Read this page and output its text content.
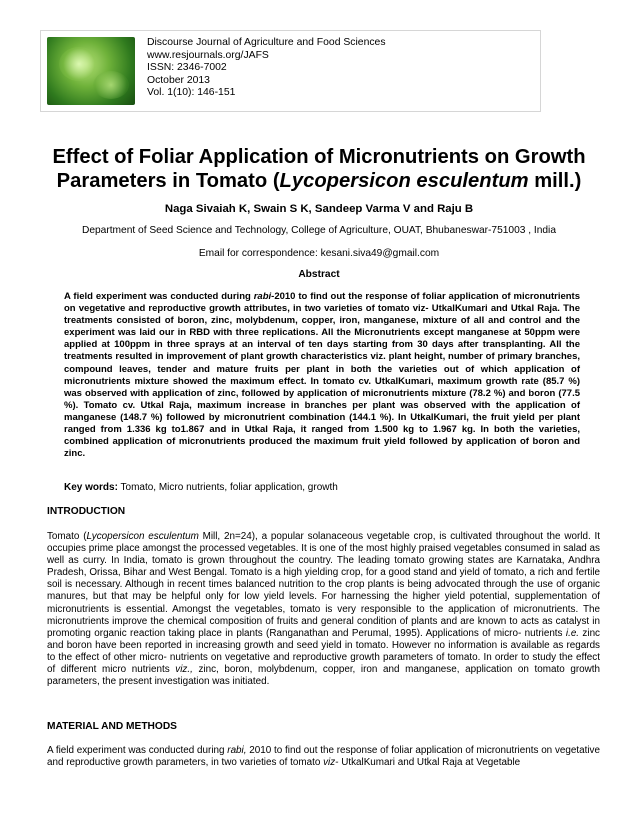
Discourse Journal of Agriculture and Food Sciences
www.resjournals.org/JAFS
ISSN: 2346-7002
October 2013
Vol. 1(10): 146-151
Effect of Foliar Application of Micronutrients on Growth
Parameters in Tomato (Lycopersicon esculentum mill.)
Naga Sivaiah K, Swain S K, Sandeep Varma V and Raju B
Department of Seed Science and Technology, College of Agriculture, OUAT, Bhubaneswar-751003 , India
Email for correspondence: kesani.siva49@gmail.com
Abstract
A field experiment was conducted during rabi-2010 to find out the response of foliar application of micronutrients on vegetative and reproductive growth attributes, in two varieties of tomato viz- UtkalKumari and Utkal Raja. The treatments consisted of boron, zinc, molybdenum, copper, iron, manganese, mixture of all and control and the experiment was laid our in RBD with three replications. All the Micronutrients except manganese at 50ppm were applied at 100ppm in three sprays at an interval of ten days starting from 30 days after transplanting. All the treatments resulted in improvement of plant growth characteristics viz. plant height, number of primary branches, compound leaves, tender and mature fruits per plant in both the varieties out of which application of micronutrients mixture showed the maximum effect. In tomato cv. UtkalKumari, maximum growth rate (85.7 %) was observed with application of zinc, followed by application of micronutrients mixture (78.2 %) and boron (77.5 %). Tomato cv. Utkal Raja, maximum increase in branches per plant was observed with the application of manganese (148.7 %) followed by micronutrient combination (144.1 %). In UtkalKumari, the fruit yield per plant ranged from 1.336 kg to1.867 and in Utkal Raja, it ranged from 1.500 kg to 1.967 kg. In both the varieties, combined application of micronutrients produced the maximum fruit yield followed by application of boron and zinc.
Key words: Tomato, Micro nutrients, foliar application, growth
INTRODUCTION
Tomato (Lycopersicon esculentum Mill, 2n=24), a popular solanaceous vegetable crop, is cultivated throughout the world. It occupies prime place amongst the processed vegetables. It is one of the most highly praised vegetables consumed in salad as well as curry. In India, tomato is grown throughout the country. The leading tomato growing states are Karnataka, Andhra Pradesh, Orissa, Bihar and West Bengal. Tomato is a high yielding crop, for a good stand and yield of tomato, a rich and fertile soil is necessary. Although in recent times balanced nutrition to the crop plants is being advocated through the use of organic manures, but that may be helpful only for low yield levels. For harnessing the higher yield potential, supplementation of micronutrients is essential. Amongst the vegetables, tomato is very responsible to the application of micronutrients. The micronutrients improve the chemical composition of fruits and general condition of plants and are known to acts as catalyst in promoting organic reaction taking place in plants (Ranganathan and Perumal, 1995). Applications of micro- nutrients i.e. zinc and boron have been reported in increasing growth and seed yield in tomato. However no information is available as regards to the effect of other micro- nutrients on vegetative and reproductive growth parameters of tomato. In order to study the effect of different micro nutrients viz., zinc, boron, molybdenum, copper, iron and manganese, application on tomato growth parameters, the present investigation was initiated.
MATERIAL AND METHODS
A field experiment was conducted during rabi, 2010 to find out the response of foliar application of micronutrients on vegetative and reproductive growth parameters, in two varieties of tomato viz- UtkalKumari and Utkal Raja at Vegetable
